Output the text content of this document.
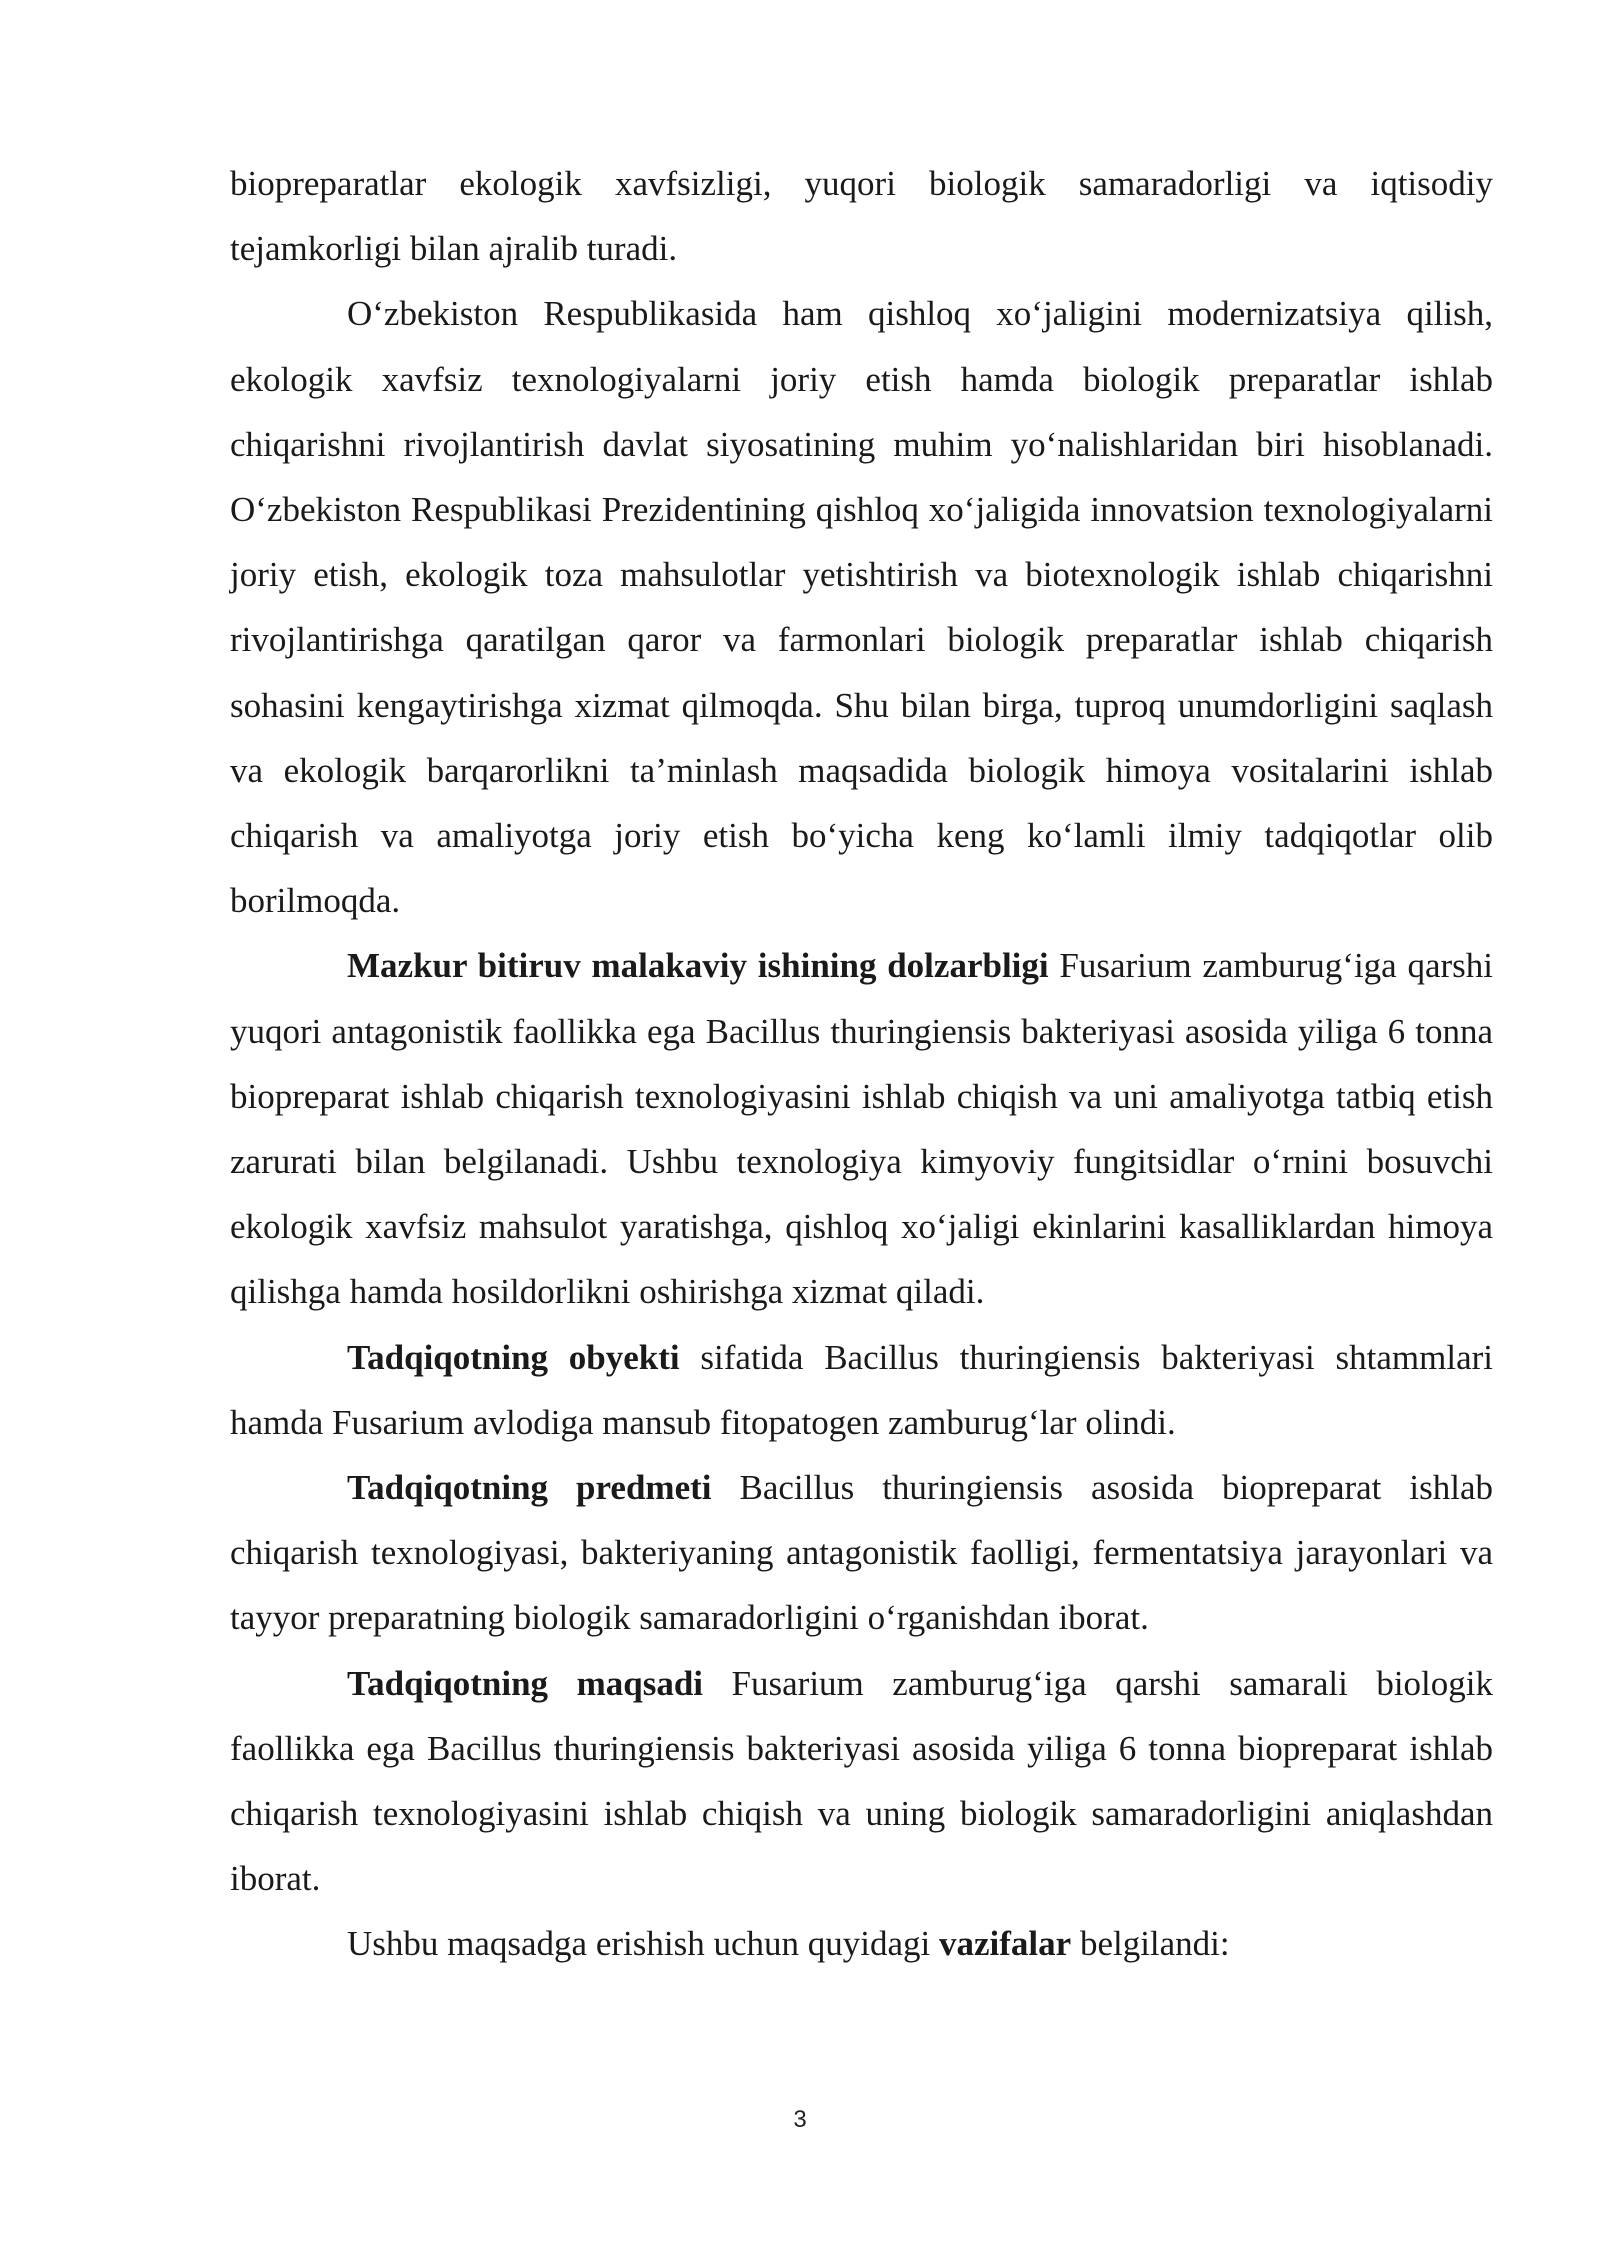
biopreparatlar ekologik xavfsizligi, yuqori biologik samaradorligi va iqtisodiy tejamkorligi bilan ajralib turadi.

O‘zbekiston Respublikasida ham qishloq xo‘jaligini modernizatsiya qilish, ekologik xavfsiz texnologiyalarni joriy etish hamda biologik preparatlar ishlab chiqarishni rivojlantirish davlat siyosatining muhim yo‘nalishlaridan biri hisoblanadi. O‘zbekiston Respublikasi Prezidentining qishloq xo‘jaligida innovatsion texnologiyalarni joriy etish, ekologik toza mahsulotlar yetishtirish va biotexnologik ishlab chiqarishni rivojlantirishga qaratilgan qaror va farmonlari biologik preparatlar ishlab chiqarish sohasini kengaytirishga xizmat qilmoqda. Shu bilan birga, tuproq unumdorligini saqlash va ekologik barqarorlikni ta’minlash maqsadida biologik himoya vositalarini ishlab chiqarish va amaliyotga joriy etish bo‘yicha keng ko‘lamli ilmiy tadqiqotlar olib borilmoqda.

Mazkur bitiruv malakaviy ishining dolzarbligi Fusarium zamburug‘iga qarshi yuqori antagonistik faollikka ega Bacillus thuringiensis bakteriyasi asosida yiliga 6 tonna biopreparat ishlab chiqarish texnologiyasini ishlab chiqish va uni amaliyotga tatbiq etish zarurati bilan belgilanadi. Ushbu texnologiya kimyoviy fungitsidlar o‘rnini bosuvchi ekologik xavfsiz mahsulot yaratishga, qishloq xo‘jaligi ekinlarini kasalliklardan himoya qilishga hamda hosildorlikni oshirishga xizmat qiladi.

Tadqiqotning obyekti sifatida Bacillus thuringiensis bakteriyasi shtammlari hamda Fusarium avlodiga mansub fitopatogen zamburug‘lar olindi.

Tadqiqotning predmeti Bacillus thuringiensis asosida biopreparat ishlab chiqarish texnologiyasi, bakteriyaning antagonistik faolligi, fermentatsiya jarayonlari va tayyor preparatning biologik samaradorligini o‘rganishdan iborat.

Tadqiqotning maqsadi Fusarium zamburug‘iga qarshi samarali biologik faollikka ega Bacillus thuringiensis bakteriyasi asosida yiliga 6 tonna biopreparat ishlab chiqarish texnologiyasini ishlab chiqish va uning biologik samaradorligini aniqlashdan iborat.

Ushbu maqsadga erishish uchun quyidagi vazifalar belgilandi:

3
